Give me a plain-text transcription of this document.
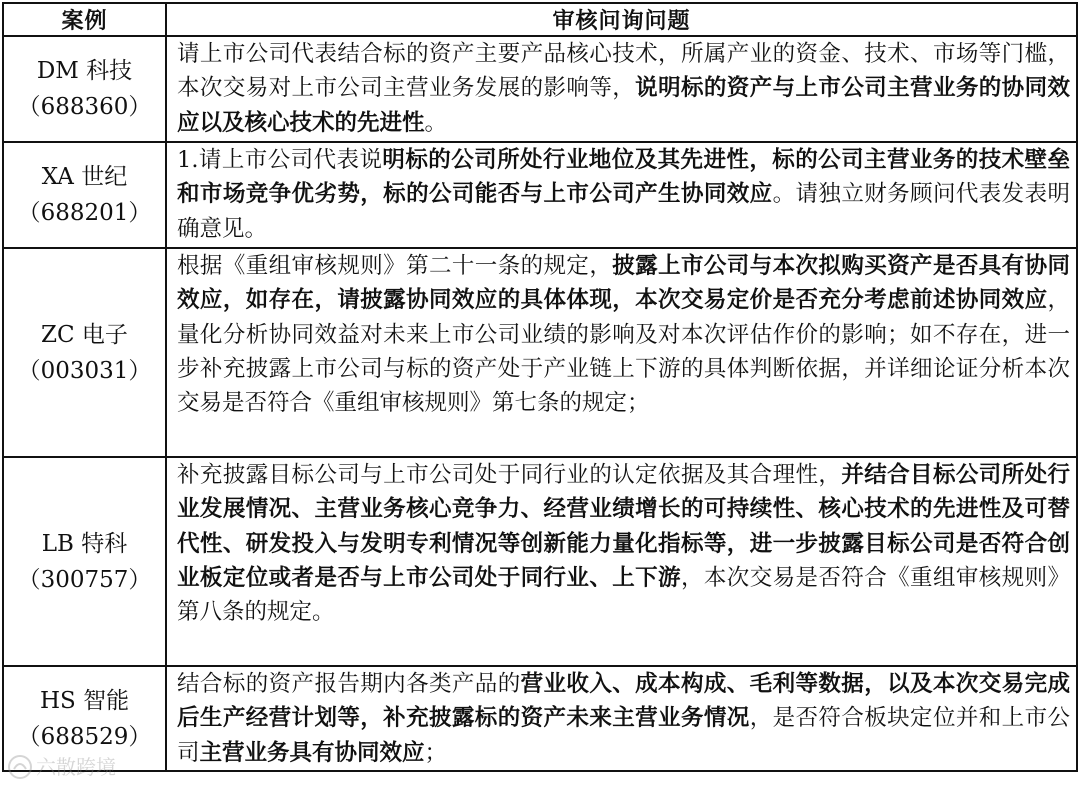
案例	审核问询问题

DM 科技
（688360）	请上市公司代表结合标的资产主要产品核心技术，所属产业的资金、技术、市场等门槛，本次交易对上市公司主营业务发展的影响等，说明标的资产与上市公司主营业务的协同效应以及核心技术的先进性。

XA 世纪
（688201）	1.请上市公司代表说明标的公司所处行业地位及其先进性，标的公司主营业务的技术壁垒和市场竞争优劣势，标的公司能否与上市公司产生协同效应。请独立财务顾问代表发表明确意见。

ZC 电子
（003031）	根据《重组审核规则》第二十一条的规定，披露上市公司与本次拟购买资产是否具有协同效应，如存在，请披露协同效应的具体体现，本次交易定价是否充分考虑前述协同效应，量化分析协同效益对未来上市公司业绩的影响及对本次评估作价的影响；如不存在，进一步补充披露上市公司与标的资产处于产业链上下游的具体判断依据，并详细论证分析本次交易是否符合《重组审核规则》第七条的规定；

LB 特科
（300757）	补充披露目标公司与上市公司处于同行业的认定依据及其合理性，并结合目标公司所处行业发展情况、主营业务核心竞争力、经营业绩增长的可持续性、核心技术的先进性及可替代性、研发投入与发明专利情况等创新能力量化指标等，进一步披露目标公司是否符合创业板定位或者是否与上市公司处于同行业、上下游，本次交易是否符合《重组审核规则》第八条的规定。

HS 智能
（688529）	结合标的资产报告期内各类产品的营业收入、成本构成、毛利等数据，以及本次交易完成后生产经营计划等，补充披露标的资产未来主营业务情况，是否符合板块定位并和上市公司主营业务具有协同效应；
六散跨境
